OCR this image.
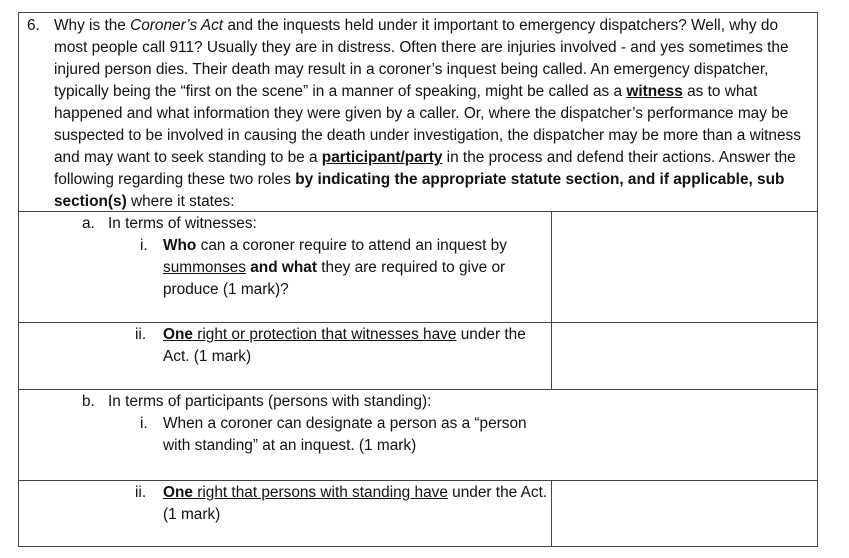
6. Why is the Coroner’s Act and the inquests held under it important to emergency dispatchers? Well, why do most people call 911? Usually they are in distress. Often there are injuries involved - and yes sometimes the injured person dies. Their death may result in a coroner’s inquest being called. An emergency dispatcher, typically being the “first on the scene” in a manner of speaking, might be called as a witness as to what happened and what information they were given by a caller. Or, where the dispatcher’s performance may be suspected to be involved in causing the death under investigation, the dispatcher may be more than a witness and may want to seek standing to be a participant/party in the process and defend their actions. Answer the following regarding these two roles by indicating the appropriate statute section, and if applicable, sub section(s) where it states:
a. In terms of witnesses:
i. Who can a coroner require to attend an inquest by summonses and what they are required to give or produce (1 mark)?
ii. One right or protection that witnesses have under the Act. (1 mark)
b. In terms of participants (persons with standing):
i. When a coroner can designate a person as a “person with standing” at an inquest. (1 mark)
ii. One right that persons with standing have under the Act. (1 mark)
